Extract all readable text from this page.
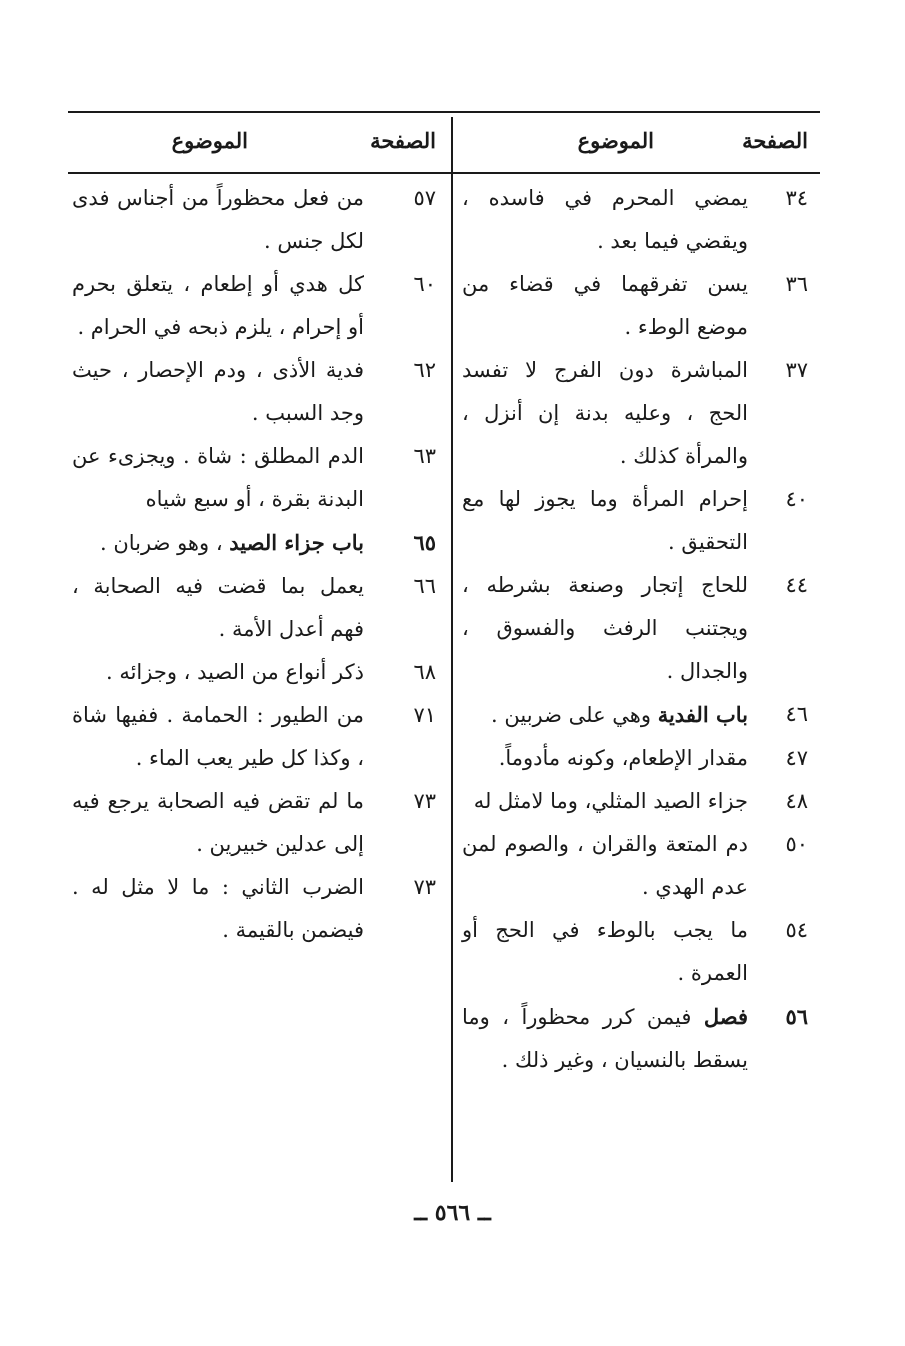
الصفحة
الموضوع
٣٤
يمضي المحرم في فاسده ، ويقضي فيما بعد .
٣٦
يسن تفرقهما في قضاء من موضع الوطء .
٣٧
المباشرة دون الفرج لا تفسد الحج ، وعليه بدنة إن أنزل ، والمرأة كذلك .
٤٠
إحرام المرأة وما يجوز لها مع التحقيق .
٤٤
للحاج إتجار وصنعة بشرطه ، ويجتنب الرفث والفسوق ، والجدال .
٤٦
باب الفدية وهي على ضربين .
٤٧
مقدار الإطعام، وكونه مأدوماً.
٤٨
جزاء الصيد المثلي، وما لامثل له
٥٠
دم المتعة والقران ، والصوم لمن عدم الهدي .
٥٤
ما يجب بالوطء في الحج أو العمرة .
٥٦
فصل فيمن كرر محظوراً ، وما يسقط بالنسيان ، وغير ذلك .
الصفحة
الموضوع
٥٧
من فعل محظوراً من أجناس فدى لكل جنس .
٦٠
كل هدي أو إطعام ، يتعلق بحرم أو إحرام ، يلزم ذبحه في الحرام .
٦٢
فدية الأذى ، ودم الإحصار ، حيث وجد السبب .
٦٣
الدم المطلق : شاة . ويجزىء عن البدنة بقرة ، أو سبع شياه
٦٥
باب جزاء الصيد ، وهو ضربان .
٦٦
يعمل بما قضت فيه الصحابة ، فهم أعدل الأمة .
٦٨
ذكر أنواع من الصيد ، وجزائه .
٧١
من الطيور : الحمامة . ففيها شاة ، وكذا كل طير يعب الماء .
٧٣
ما لم تقض فيه الصحابة يرجع فيه إلى عدلين خبيرين .
٧٣
الضرب الثاني : ما لا مثل له . فيضمن بالقيمة .
ــ ٥٦٦ ــ
